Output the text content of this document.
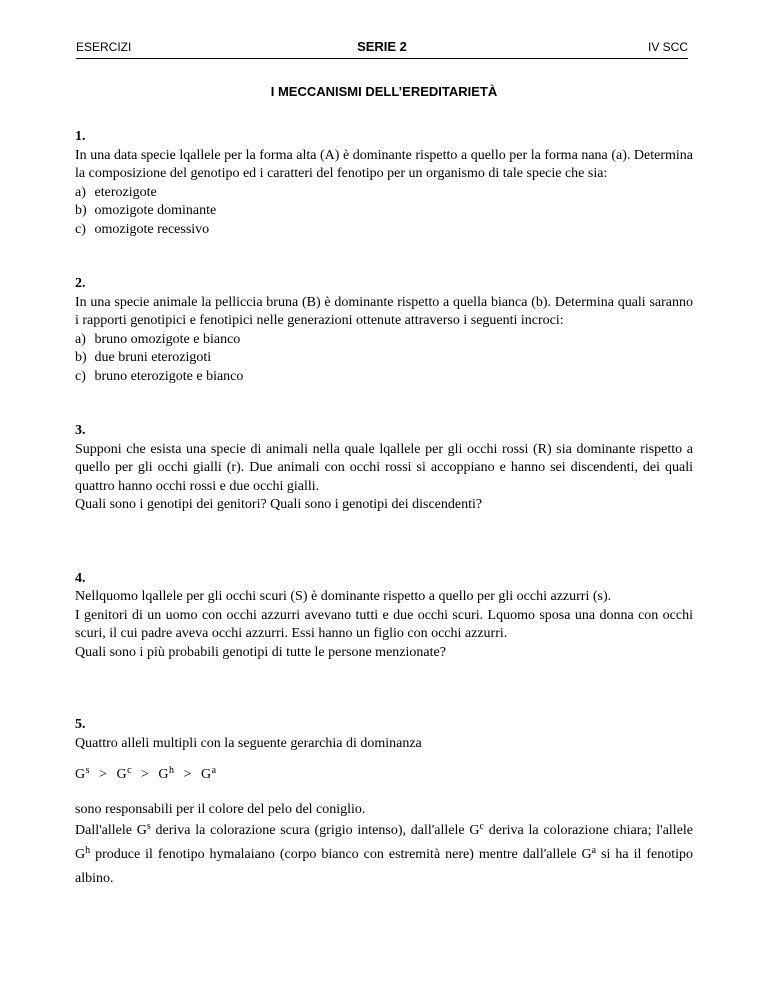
ESERCIZI	SERIE 2	IV SCC
I MECCANISMI DELL’EREDITARIETÀ

1.

In una data specie lqallele per la forma alta (A) è dominante rispetto a quello per la forma nana (a). Determina la composizione del genotipo ed i caratteri del fenotipo per un organismo di tale specie che sia:

a) eterozigote
b) omozigote dominante
c) omozigote recessivo

2.

In una specie animale la pelliccia bruna (B) è dominante rispetto a quella bianca (b). Determina quali saranno i rapporti genotipici e fenotipici nelle generazioni ottenute attraverso i seguenti incroci:

a) bruno omozigote e bianco
b) due bruni eterozigoti
c) bruno eterozigote e bianco

3.

Supponi che esista una specie di animali nella quale lqallele per gli occhi rossi (R) sia dominante rispetto a quello per gli occhi gialli (r). Due animali con occhi rossi si accoppiano e hanno sei discendenti, dei quali quattro hanno occhi rossi e due occhi gialli.

Quali sono i genotipi dei genitori? Quali sono i genotipi dei discendenti?

4.

Nellquomo lqallele per gli occhi scuri (S) è dominante rispetto a quello per gli occhi azzurri (s).

I genitori di un uomo con occhi azzurri avevano tutti e due occhi scuri. Lquomo sposa una donna con occhi scuri, il cui padre aveva occhi azzurri. Essi hanno un figlio con occhi azzurri.

Quali sono i più probabili genotipi di tutte le persone menzionate?

5.

Quattro alleli multipli con la seguente gerarchia di dominanza

$G^s > G^c > G^h > G^a$

sono responsabili per il colore del pelo del coniglio.

Dall'allele $G^s$ deriva la colorazione scura (grigio intenso), dall'allele $G^c$ deriva la colorazione chiara; l'allele $G^h$ produce il fenotipo hymalaiano (corpo bianco con estremità nere) mentre dall'allele $G^a$ si ha il fenotipo albino.
